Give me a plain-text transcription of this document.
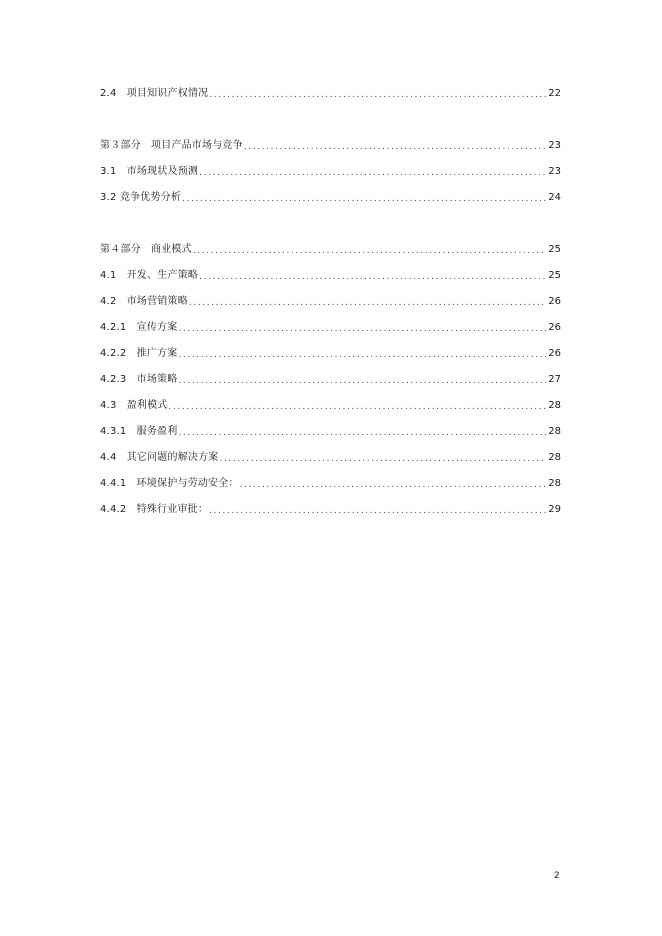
2.4　项目知识产权情况 .....	22
第３部分　项目产品市场与竞争 .....	23
3.1　市场现状及预测 .....	23
3.2 竞争优势分析 .....	24
第４部分　商业模式 .....	25
4.1　开发、生产策略 .....	25
4.2　市场营销策略 .....	26
4.2.1　宣传方案 .....	26
4.2.2　推广方案 .....	26
4.2.3　市场策略 .....	27
4.3　盈利模式 .....	28
4.3.1　服务盈利 .....	28
4.4　其它问题的解决方案 .....	28
4.4.1　环境保护与劳动安全： .....	28
4.4.2　特殊行业审批： .....	29
2
